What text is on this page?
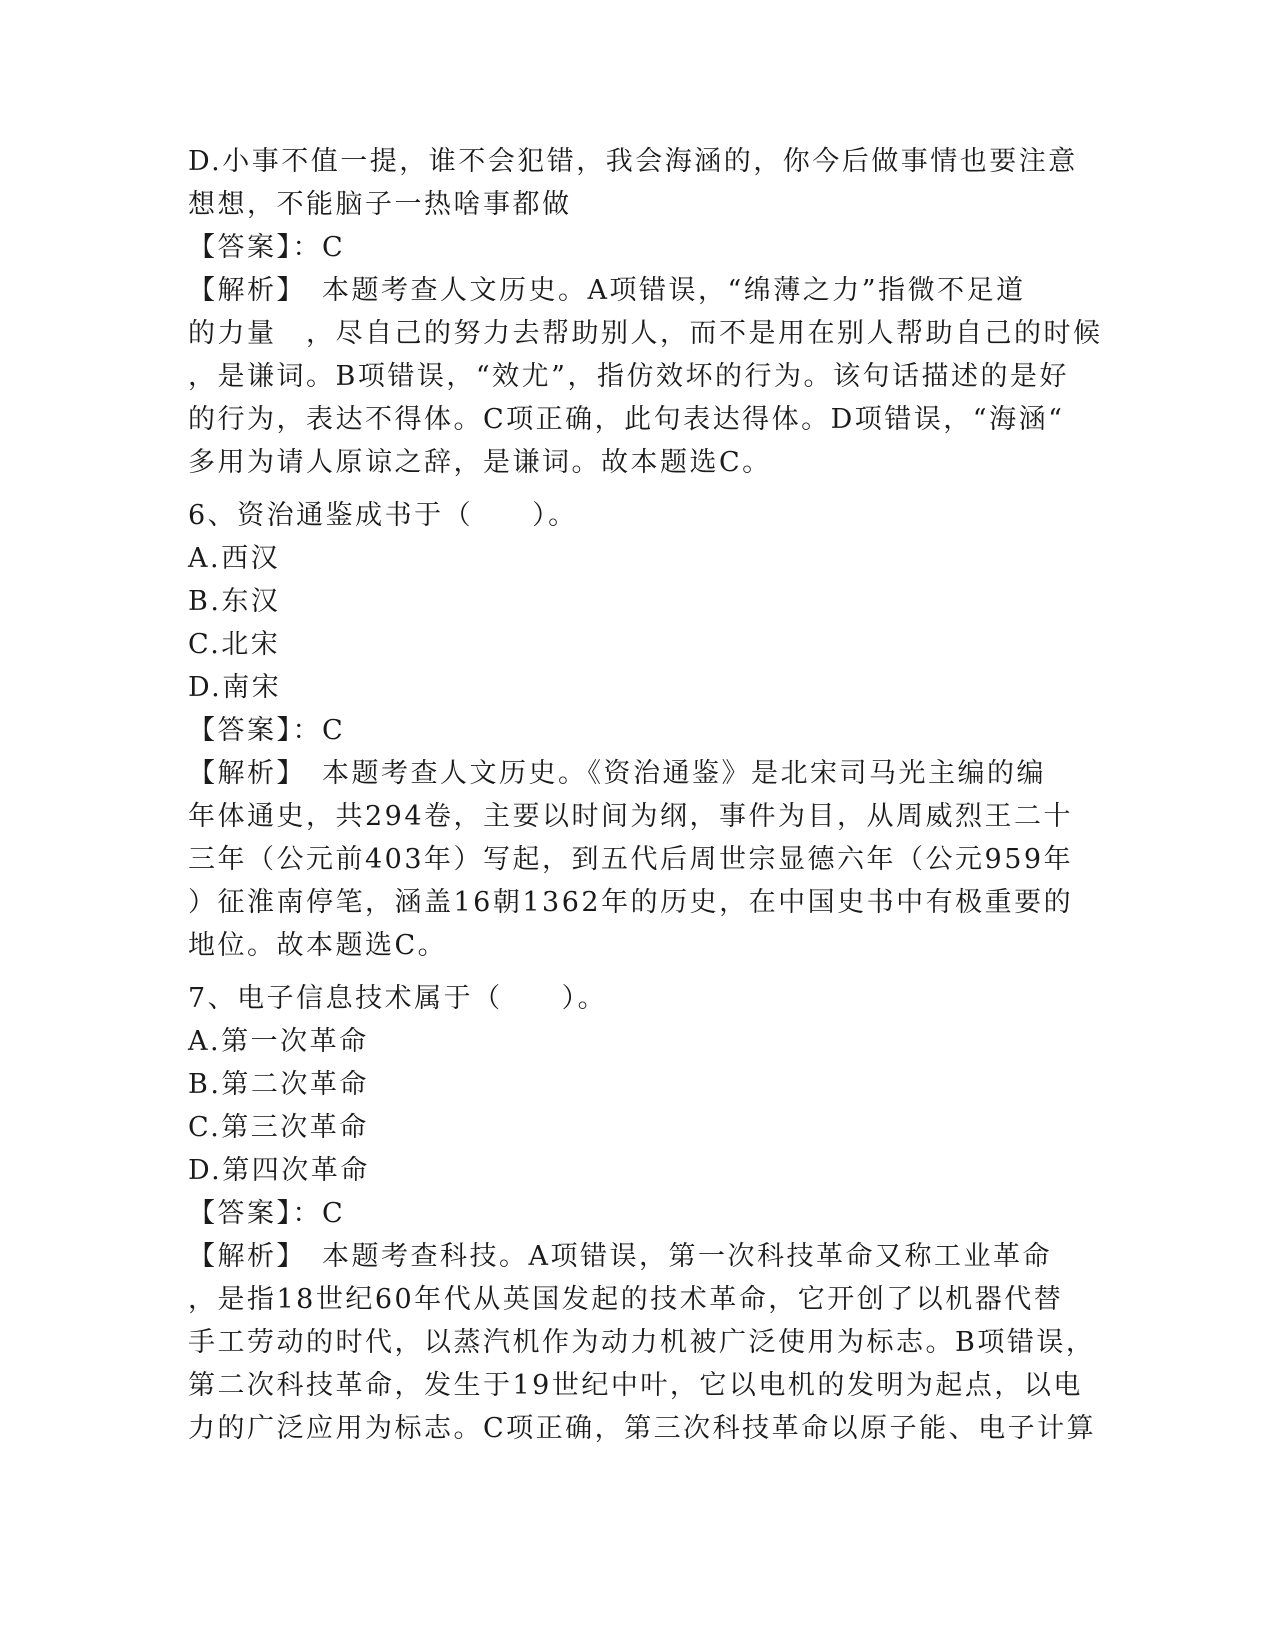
D.小事不值一提，谁不会犯错，我会海涵的，你今后做事情也要注意
想想，不能脑子一热啥事都做
【答案】：C
【解析】　本题考查人文历史。A项错误，“绵薄之力”指微不足道
的力量　，尽自己的努力去帮助别人，而不是用在别人帮助自己的时候
，是谦词。B项错误，“效尤”，指仿效坏的行为。该句话描述的是好
的行为，表达不得体。C项正确，此句表达得体。D项错误，“海涵“
多用为请人原谅之辞，是谦词。故本题选C。
6、资治通鉴成书于（　　）。
A.西汉
B.东汉
C.北宋
D.南宋
【答案】：C
【解析】　本题考查人文历史。《资治通鉴》是北宋司马光主编的编
年体通史，共294卷，主要以时间为纲，事件为目，从周威烈王二十
三年（公元前403年）写起，到五代后周世宗显德六年（公元959年
）征淮南停笔，涵盖16朝1362年的历史，在中国史书中有极重要的
地位。故本题选C。
7、电子信息技术属于（　　）。
A.第一次革命
B.第二次革命
C.第三次革命
D.第四次革命
【答案】：C
【解析】　本题考查科技。A项错误，第一次科技革命又称工业革命
，是指18世纪60年代从英国发起的技术革命，它开创了以机器代替
手工劳动的时代，以蒸汽机作为动力机被广泛使用为标志。B项错误，
第二次科技革命，发生于19世纪中叶，它以电机的发明为起点，以电
力的广泛应用为标志。C项正确，第三次科技革命以原子能、电子计算
